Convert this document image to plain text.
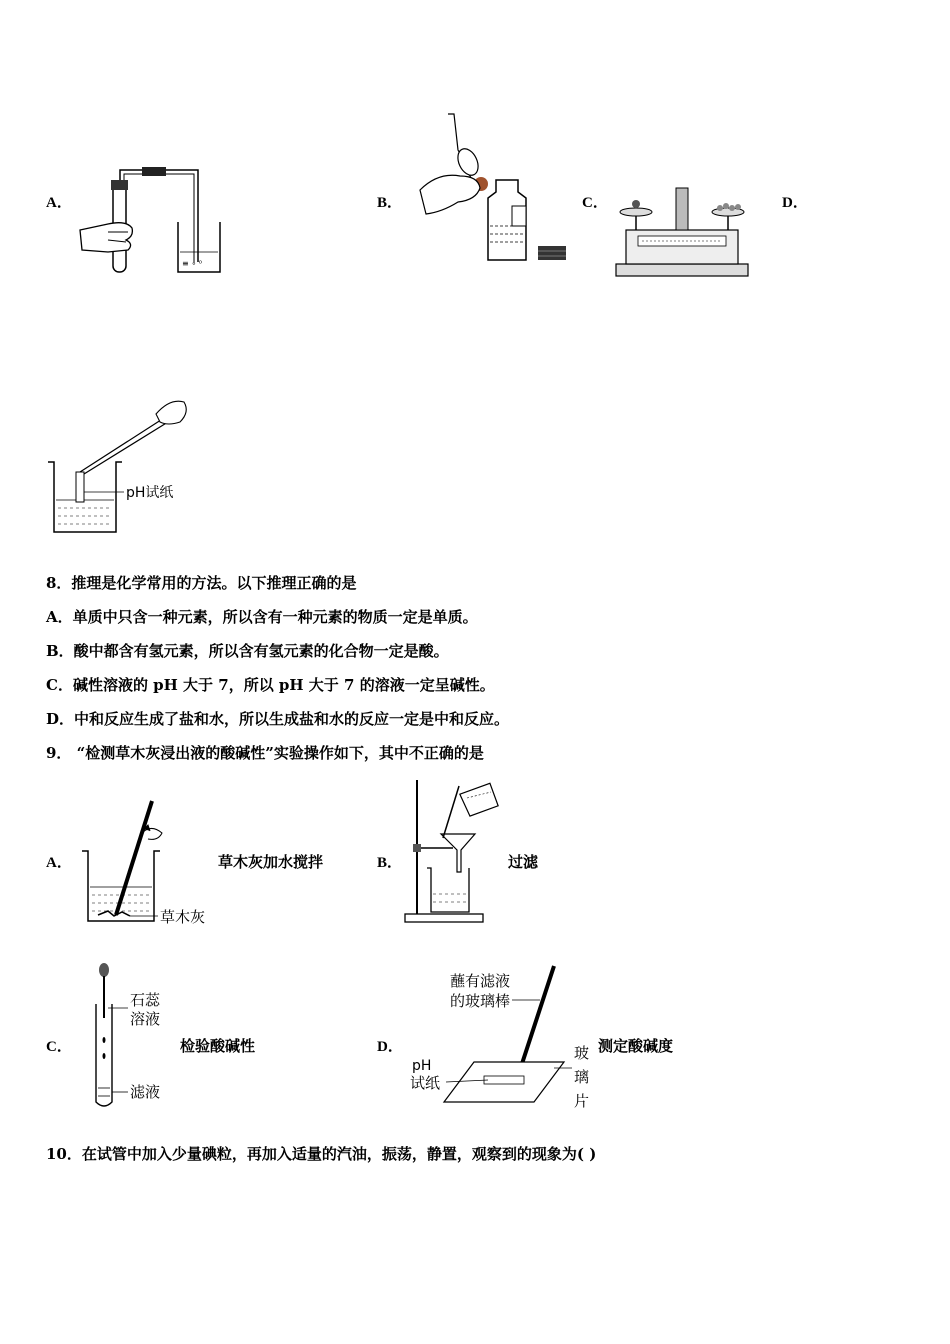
A．
≡ ∘ ⁰
B．	C．	D．
pH试纸
8．推理是化学常用的方法。以下推理正确的是
A．单质中只含一种元素，所以含有一种元素的物质一定是单质。
B．酸中都含有氢元素，所以含有氢元素的化合物一定是酸。
C．碱性溶液的 pH 大于 7，所以 pH 大于 7 的溶液一定呈碱性。
D．中和反应生成了盐和水，所以生成盐和水的反应一定是中和反应。
9． “检测草木灰浸出液的酸碱性”实验操作如下，其中不正确的是
A．
草木灰
草木灰加水搅拌	B．	过滤
C．
石蕊
溶液
滤液
检验酸碱性	D．
蘸有滤液
的玻璃棒
pH
试纸
玻
璃
片
测定酸碱度
10．在试管中加入少量碘粒，再加入适量的汽油，振荡，静置，观察到的现象为( )
